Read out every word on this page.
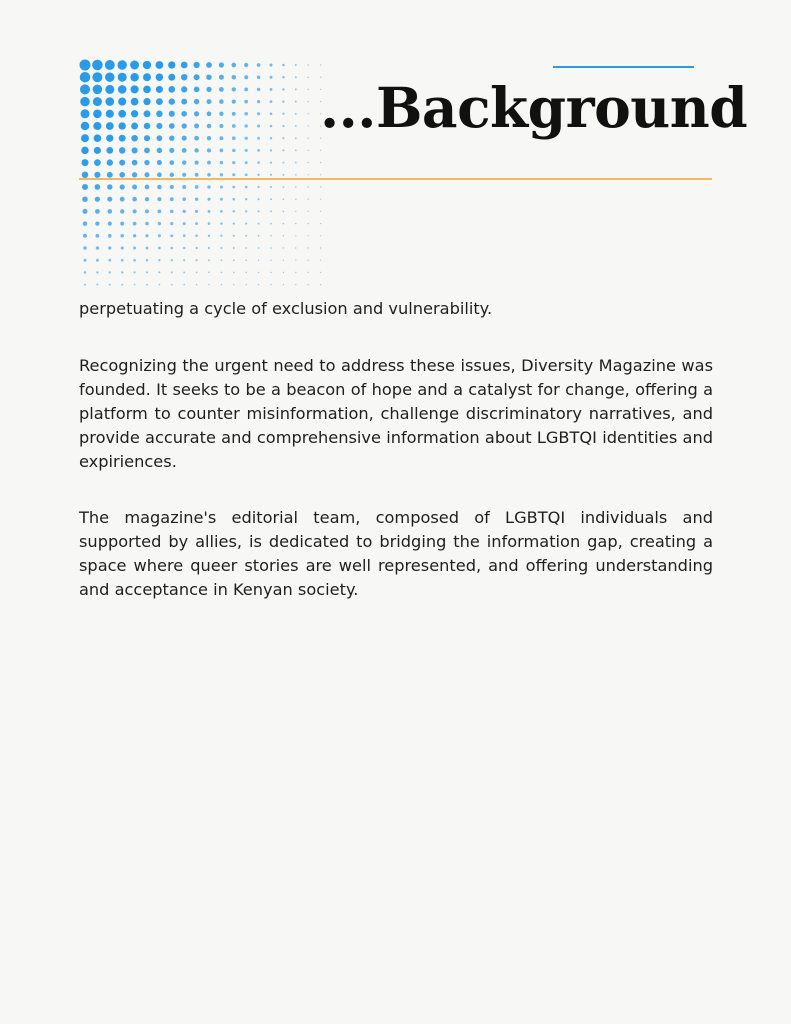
...Background

perpetuating a cycle of exclusion and vulnerability.

Recognizing the urgent need to address these issues, Diversity Magazine was founded. It seeks to be a beacon of hope and a catalyst for change, offering a platform to counter misinformation, challenge discriminatory narratives, and provide accurate and comprehensive information about LGBTQI identities and expiriences.

The magazine's editorial team, composed of LGBTQI individuals and supported by allies, is dedicated to bridging the information gap, creating a space where queer stories are well represented, and offering understanding and acceptance in Kenyan society.
